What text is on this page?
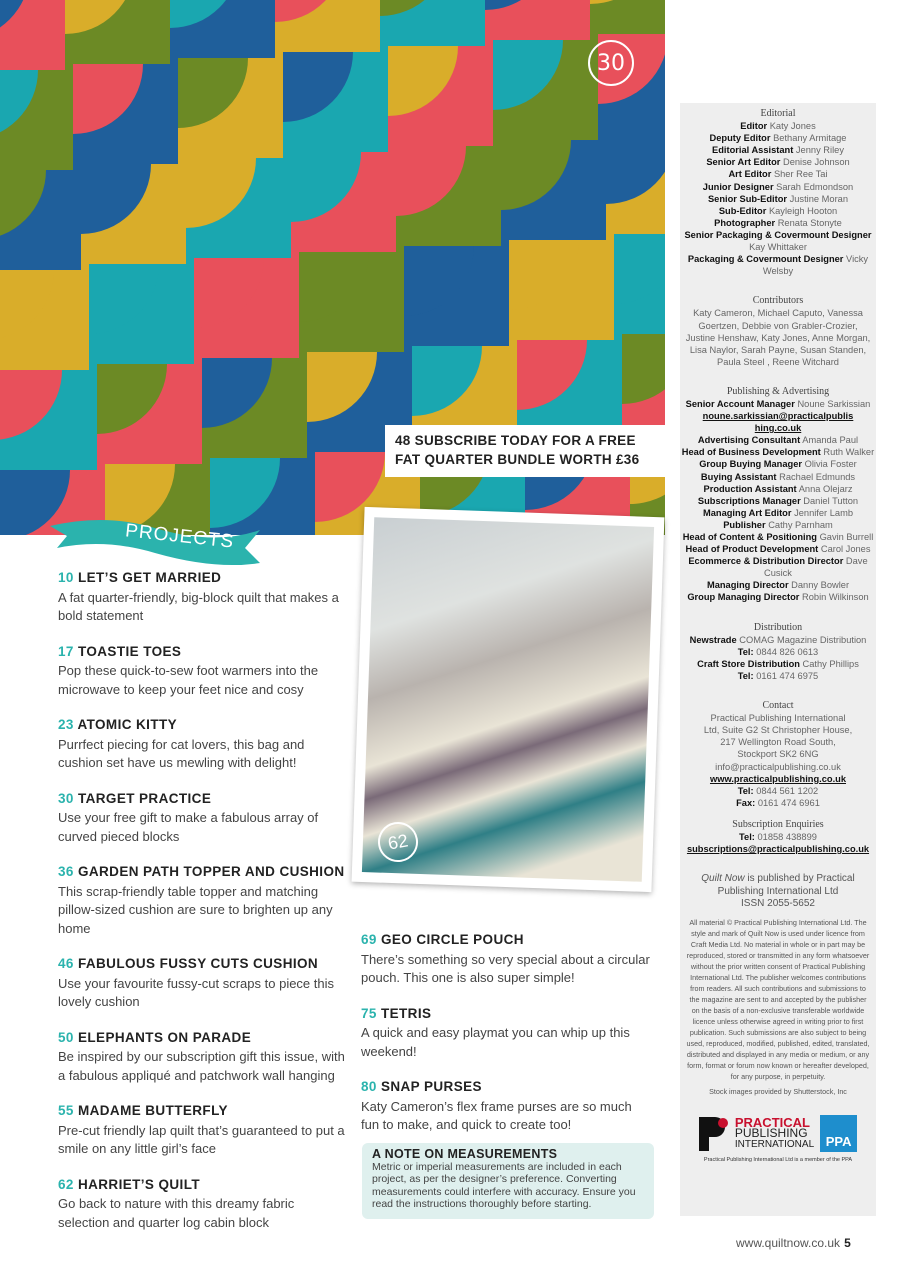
30
48 SUBSCRIBE TODAY FOR A FREE FAT QUARTER BUNDLE WORTH £36
62
PROJECTS
10 LET’S GET MARRIED

A fat quarter-friendly, big-block quilt that makes a bold statement

17 TOASTIE TOES

Pop these quick-to-sew foot warmers into the microwave to keep your feet nice and cosy

23 ATOMIC KITTY

Purrfect piecing for cat lovers, this bag and cushion set have us mewling with delight!

30 TARGET PRACTICE

Use your free gift to make a fabulous array of curved pieced blocks

36 GARDEN PATH TOPPER AND CUSHION

This scrap-friendly table topper and matching pillow-sized cushion are sure to brighten up any home

46 FABULOUS FUSSY CUTS CUSHION

Use your favourite fussy-cut scraps to piece this lovely cushion

50 ELEPHANTS ON PARADE

Be inspired by our subscription gift this issue, with a fabulous appliqué and patchwork wall hanging

55 MADAME BUTTERFLY

Pre-cut friendly lap quilt that’s guaranteed to put a smile on any little girl’s face

62 HARRIET’S QUILT

Go back to nature with this dreamy fabric selection and quarter log cabin block

69 GEO CIRCLE POUCH

There’s something so very special about a circular pouch. This one is also super simple!

75 TETRIS

A quick and easy playmat you can whip up this weekend!

80 SNAP PURSES

Katy Cameron’s flex frame purses are so much fun to make, and quick to create too!

A NOTE ON MEASUREMENTS

Metric or imperial measurements are included in each project, as per the designer’s preference. Converting measurements could interfere with accuracy. Ensure you read the instructions thoroughly before starting.

Editorial
Editor Katy Jones
Deputy Editor Bethany Armitage
Editorial Assistant Jenny Riley
Senior Art Editor Denise Johnson
Art Editor Sher Ree Tai
Junior Designer Sarah Edmondson
Senior Sub-Editor Justine Moran
Sub-Editor Kayleigh Hooton
Photographer Renata Stonyte
Senior Packaging & Covermount Designer Kay Whittaker
Packaging & Covermount Designer Vicky Welsby
Contributors
Katy Cameron, Michael Caputo, Vanessa Goertzen, Debbie von Grabler-Crozier, Justine Henshaw, Katy Jones, Anne Morgan, Lisa Naylor, Sarah Payne, Susan Standen, Paula Steel , Reene Witchard
Publishing & Advertising
Senior Account Manager Noune Sarkissian
noune.sarkissian@practicalpublishing.co.uk
Advertising Consultant Amanda Paul
Head of Business Development Ruth Walker
Group Buying Manager Olivia Foster
Buying Assistant Rachael Edmunds
Production Assistant Anna Olejarz
Subscriptions Manager Daniel Tutton
Managing Art Editor Jennifer Lamb
Publisher Cathy Parnham
Head of Content & Positioning Gavin Burrell
Head of Product Development Carol Jones
Ecommerce & Distribution Director Dave Cusick
Managing Director Danny Bowler
Group Managing Director Robin Wilkinson
Distribution
Newstrade COMAG Magazine Distribution
Tel: 0844 826 0613
Craft Store Distribution Cathy Phillips
Tel: 0161 474 6975
Contact
Practical Publishing International Ltd, Suite G2 St Christopher House, 217 Wellington Road South, Stockport SK2 6NG
info@practicalpublishing.co.uk
www.practicalpublishing.co.uk
Tel: 0844 561 1202
Fax: 0161 474 6961
Subscription Enquiries
Tel: 01858 438899
subscriptions@practicalpublishing.co.uk
Quilt Now is published by Practical Publishing International Ltd
ISSN 2055-5652

All material © Practical Publishing International Ltd. The style and mark of Quilt Now is used under licence from Craft Media Ltd. No material in whole or in part may be reproduced, stored or transmitted in any form whatsoever without the prior written consent of Practical Publishing International Ltd. The publisher welcomes contributions from readers. All such contributions and submissions to the magazine are sent to and accepted by the publisher on the basis of a non-exclusive transferable worldwide licence unless otherwise agreed in writing prior to first publication. Such submissions are also subject to being used, reproduced, modified, published, edited, translated, distributed and displayed in any media or medium, or any form, format or forum now known or hereafter developed, for any purpose, in perpetuity.

Stock images provided by Shutterstock, Inc

PRACTICAL
PUBLISHING
INTERNATIONAL PPA
Practical Publishing International Ltd is a member of the PPA
www.quiltnow.co.uk 5
